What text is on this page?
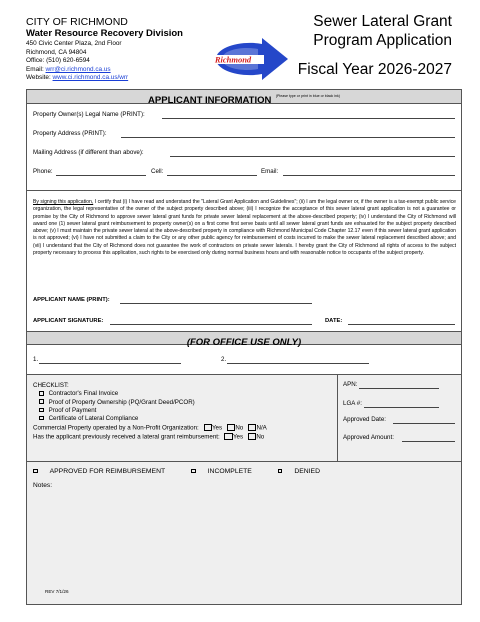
CITY OF RICHMOND
Water Resource Recovery Division
450 Civic Center Plaza, 2nd Floor
Richmond, CA 94804
Office: (510) 620-6594
Email: wrr@ci.richmond.ca.us
Website: www.ci.richmond.ca.us/wrr
Richmond
Sewer Lateral Grant
Program Application
Fiscal Year 2026-2027
APPLICANT INFORMATION $^{(Please type or print in blue or black ink)}$
Property Owner(s) Legal Name (PRINT):
Property Address (PRINT):
Mailing Address (if different than above):
Phone:	Cell:	Email:
By signing this application, I certify that (i) I have read and understand the "Lateral Grant Application and Guidelines"; (ii) I am the legal owner or, if the owner is a tax-exempt public service organization, the legal representative of the owner of the subject property described above; (iii) I recognize the acceptance of this sewer lateral grant application is not a guarantee or promise by the City of Richmond to approve sewer lateral grant funds for private sewer lateral replacement at the above-described property; (iv) I understand the City of Richmond will award one (1) sewer lateral grant reimbursement to property owner(s) on a first come first serve basis until all sewer lateral grant funds are exhausted for the subject property described above; (v) I must maintain the private sewer lateral at the above-described property in compliance with Richmond Municipal Code Chapter 12.17 even if this sewer lateral grant application is not approved; (vi) I have not submitted a claim to the City or any other public agency for reimbursement of costs incurred to make the sewer lateral replacement described above; and (vii) I understand that the City of Richmond does not guarantee the work of contractors on private sewer laterals. I hereby grant the City of Richmond all rights of access to the subject property necessary to process this application, such rights to be exercised only during normal business hours and with reasonable notice to occupants of the subject property.
APPLICANT NAME (PRINT):
APPLICANT SIGNATURE:	DATE:
(FOR OFFICE USE ONLY)
1.	2.
CHECKLIST:
Contractor's Final Invoice
Proof of Property Ownership (PQ/Grant Deed/PCOR)
Proof of Payment
Certificate of Lateral Compliance
Commercial Property operated by a Non-Profit Organization: Yes No N/A
Has the applicant previously received a lateral grant reimbursement: Yes No
APN:
LGA #:
Approved Date:
Approved Amount:
APPROVED FOR REIMBURSEMENT	INCOMPLETE	DENIED
Notes:
REV 7/1/26
